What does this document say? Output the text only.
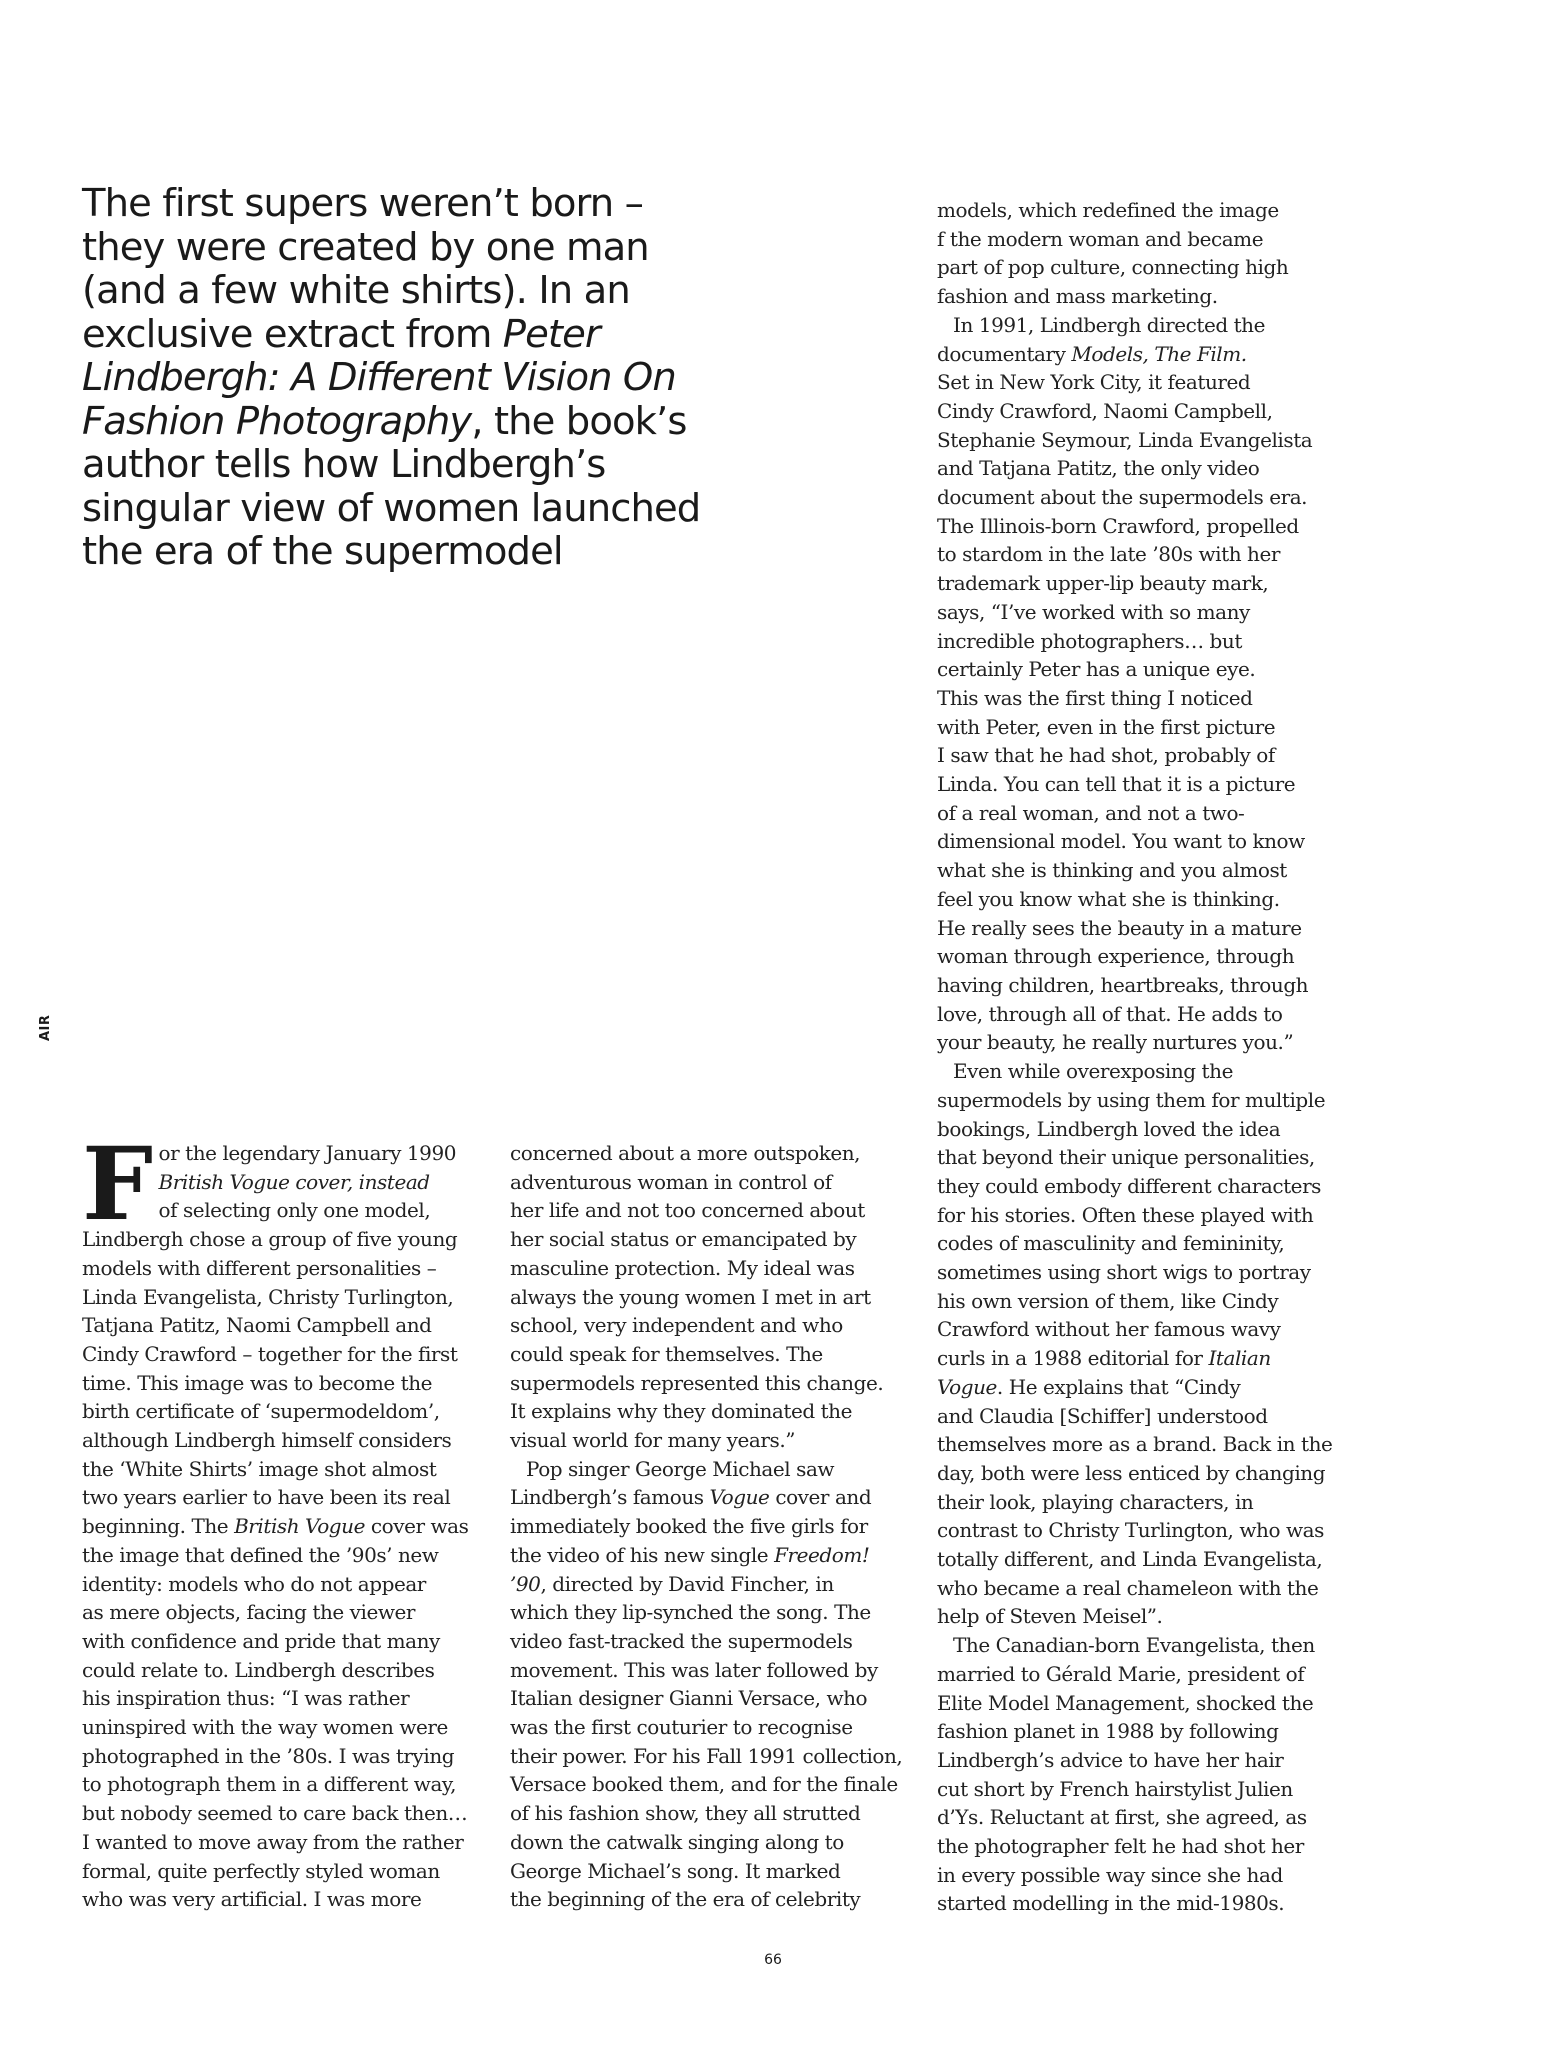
The first supers weren’t born – they were created by one man (and a few white shirts). In an exclusive extract from Peter Lindbergh: A Different Vision On Fashion Photography, the book’s author tells how Lindbergh’s singular view of women launched the era of the supermodel
AIR
F or the legendary January 1990
British Vogue cover, instead
of selecting only one model,
Lindbergh chose a group of five young
models with different personalities –
Linda Evangelista, Christy Turlington,
Tatjana Patitz, Naomi Campbell and
Cindy Crawford – together for the first
time. This image was to become the
birth certificate of ‘supermodeldom’,
although Lindbergh himself considers
the ‘White Shirts’ image shot almost
two years earlier to have been its real
beginning. The British Vogue cover was
the image that defined the ’90s’ new
identity: models who do not appear
as mere objects, facing the viewer
with confidence and pride that many
could relate to. Lindbergh describes
his inspiration thus: “I was rather
uninspired with the way women were
photographed in the ’80s. I was trying
to photograph them in a different way,
but nobody seemed to care back then…
I wanted to move away from the rather
formal, quite perfectly styled woman
who was very artificial. I was more
concerned about a more outspoken,
adventurous woman in control of
her life and not too concerned about
her social status or emancipated by
masculine protection. My ideal was
always the young women I met in art
school, very independent and who
could speak for themselves. The
supermodels represented this change.
It explains why they dominated the
visual world for many years.”
Pop singer George Michael saw
Lindbergh’s famous Vogue cover and
immediately booked the five girls for
the video of his new single Freedom!
’90, directed by David Fincher, in
which they lip-synched the song. The
video fast-tracked the supermodels
movement. This was later followed by
Italian designer Gianni Versace, who
was the first couturier to recognise
their power. For his Fall 1991 collection,
Versace booked them, and for the finale
of his fashion show, they all strutted
down the catwalk singing along to
George Michael’s song. It marked
the beginning of the era of celebrity
models, which redefined the image
f the modern woman and became
part of pop culture, connecting high
fashion and mass marketing.
In 1991, Lindbergh directed the
documentary Models, The Film.
Set in New York City, it featured
Cindy Crawford, Naomi Campbell,
Stephanie Seymour, Linda Evangelista
and Tatjana Patitz, the only video
document about the supermodels era.
The Illinois-born Crawford, propelled
to stardom in the late ’80s with her
trademark upper-lip beauty mark,
says, “I’ve worked with so many
incredible photographers… but
certainly Peter has a unique eye.
This was the first thing I noticed
with Peter, even in the first picture
I saw that he had shot, probably of
Linda. You can tell that it is a picture
of a real woman, and not a two-
dimensional model. You want to know
what she is thinking and you almost
feel you know what she is thinking.
He really sees the beauty in a mature
woman through experience, through
having children, heartbreaks, through
love, through all of that. He adds to
your beauty, he really nurtures you.”
Even while overexposing the
supermodels by using them for multiple
bookings, Lindbergh loved the idea
that beyond their unique personalities,
they could embody different characters
for his stories. Often these played with
codes of masculinity and femininity,
sometimes using short wigs to portray
his own version of them, like Cindy
Crawford without her famous wavy
curls in a 1988 editorial for Italian
Vogue. He explains that “Cindy
and Claudia [Schiffer] understood
themselves more as a brand. Back in the
day, both were less enticed by changing
their look, playing characters, in
contrast to Christy Turlington, who was
totally different, and Linda Evangelista,
who became a real chameleon with the
help of Steven Meisel”.
The Canadian-born Evangelista, then
married to Gérald Marie, president of
Elite Model Management, shocked the
fashion planet in 1988 by following
Lindbergh’s advice to have her hair
cut short by French hairstylist Julien
d’Ys. Reluctant at first, she agreed, as
the photographer felt he had shot her
in every possible way since she had
started modelling in the mid-1980s.
66
